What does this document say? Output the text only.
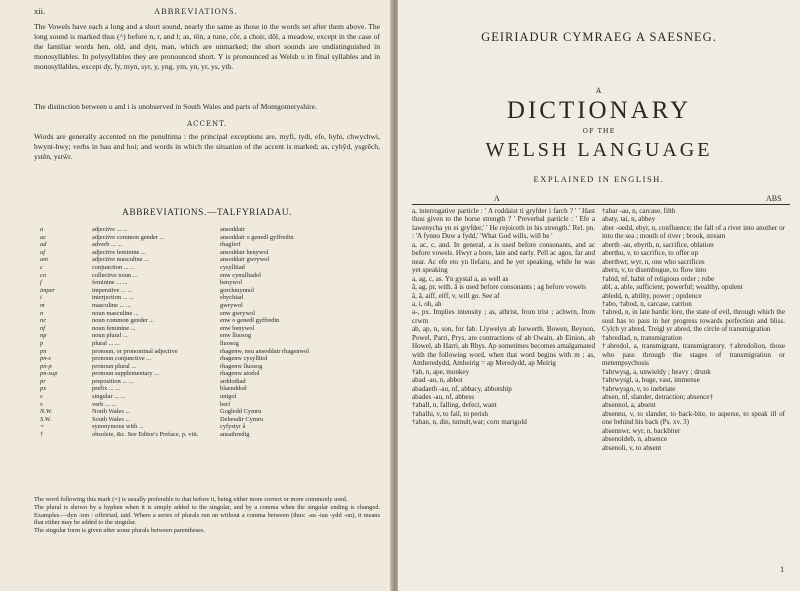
xii.	ABBREVIATIONS.
The Vowels have each a long and a short sound, nearly the same as those in the words set after them above. The long sound is marked thus (^) before n, r, and l; as, tôn, a tune, côr, a choir, dôl, a meadow, except in the case of the familiar words hen, old, and dyn, man, which are unmarked; the short sounds are undistinguished in monosyllables. In polysyllables they are pronounced short. Y is pronounced as Welsh u in final syllables and in monosyllables, except dy, fy, myn, syr, y, yng, ym, yn, yr, ys, yth.
The distinction between u and i is unobserved in South Wales and parts of Montgomeryshire.
ACCENT.
Words are generally accented on the penultima : the principal exceptions are, myfi, tydi, efe, hyhi, chwychwi, hwynt-hwy; verbs in hau and hoi; and words in which the situation of the accent is marked; as, cyhŷd, ysgrêch, ystên, ystŵr.
ABBREVIATIONS.—TALFYRIADAU.
a	adjective ... ...	ansoddair
ac	adjective common gender ...	ansoddair o genedl gyffredin
ad	adverb ... ...	rhagferf
af	adjective feminine ...	ansoddair benywol
am	adjective masculine ...	ansoddair gwrywol
c	conjunction ... ...	cysylltiad
cn	collective noun ...	enw cynulliadol
f	feminine ... ...	benywol
imper	imperative ... ...	gorchmynnol
i	interjection ... ...	ebychiad
m	masculine ... ...	gwrywol
n	noun masculine ...	enw gwrywol
nc	noun common gender ...	enw o genedl gyffredin
nf	noun feminine ...	enw benywol
np	noun plural ...	enw lluosog
p	plural ... ...	lluosog
pn	pronoun, or pronominal adjective	rhagenw, neu ansoddair rhagenwol
pn-c	pronoun conjunctive ...	rhagenw cysylltiol
pn-p	pronoun plural ...	rhagenw lluosog
pn-sup	pronoun supplementary ...	rhagenw atodol
pr	preposition ... ...	arddodiad
px	prefix ... ...	blaenddod
s	singular ... ...	unigol
v	verb ... ...	berf
N.W.	North Wales ...	Gogledd Cymru
S.W.	South Wales ...	Deheudir Cymru
=	synonymous with ...	cyfystyr â
†	obsolete, &c. See Editor's Preface, p. viii.	ansathredig

The word following this mark (=) is usually preferable to that before it, being either more correct or more commonly used.

The plural is shown by a hyphen when it is simply added to the singular, and by a comma when the singular ending is changed. Examples.—dyn -ion : offeiriad, iaid. Where a series of plurals run on without a comma between (thus: -au -iau -ydd -on), it means that either may be added to the singular.

The singular form is given after some plurals between parentheses.

GEIRIADUR CYMRAEG A SAESNEG.
A
DICTIONARY
OF THE
WELSH LANGUAGE
EXPLAINED IN ENGLISH.
A	ABS

a, interrogative particle : ' A roddaist ti gryfder i farch ? ' ' Hast thou given to the horse strength ? ' Preverbal particle : ' Efe a lawenycha yn ei gryfder,' ' He rejoiceth in his strength.' Rel. pn. : 'A fynno Duw a fydd,' 'What God wills, will be '

a, ac, c, and. In general, a is used before consonants, and ac before vowels. Hwyr a bore, late and early. Pell ac agos, far and near. Ac efe eto yn llefaru, and he yet speaking, while he was yet speaking

a, ag, c, as. Yn gystal a, as well as

â, ag, pr, with. â is used before consonants ; ag before vowels

â, â, aiff, eiff, v, will go. See af

a, i, oh, ah

a-, px. Implies intensity ; as, athrist, from trist ; achwrn, from crwm

ab, ap, n, son, for fab. Llywelyn ab Iorwerth. Bowen, Beynon, Powel, Parri, Prys, are contractions of ab Owain, ab Einion, ab Howel, ab Harri, ab Rhys. Ap sometimes becomes amalgamated with the following word, when that word begins with m ; as, Amheredydd, Amheirig = ap Meredydd, ap Meirig

†ab, n, ape, monkey

abad -au, n, abbot

abadaeth -au, nf, abbacy, abbotship

abades -au, nf, abbess

†aball, n, falling, defect, want

†aballu, v, to fail, to perish

†aban, n, din, tumult,war; corn marigold

†abar -au, n, carcase, filth

abaty, tai, n, abbey

aber -oedd, ebyr, n, confluence; the fall of a river into another or into the sea ; mouth of river ; brook, stream

aberth -au, ebyrth, n, sacrifice, oblation

aberthu, v, to sacrifice, to offer up

aberthwr, wyr, n, one who sacrifices

aberu, v, to disembogue, to flow into

†abid, nf, habit of religious order ; robe

abl, a, able, sufficient, powerful; wealthy, opulent

abledd, n, ability, power ; opulence

†abo, †abod, n, carcase, carrion

†abred, n, in late bardic lore, the state of evil, through which the soul has to pass in her progress towards perfection and bliss. Cylch yr abred, Treigl yr abred, the circle of transmigration

†abredlad, n, transmigration

†abredol, a, transmigrant, transmigratory. †abredolion, those who pass through the stages of transmigration or metempsychosis

†abrwysg, a, unwieldy ; heavy ; drunk

†abrwysgl, a, huge, vast, immense

†abrwysgo, v, to inebriate

absen, nf, slander, detraction; absence†

absennol, a, absent

absennu, v, to slander, to back-bite, to asperse, to speak ill of one behind his back (Ps. xv. 3)

absennwr, wyr, n, backbiter

absenoldeb, n, absence

absenoli, v, to absent

1
